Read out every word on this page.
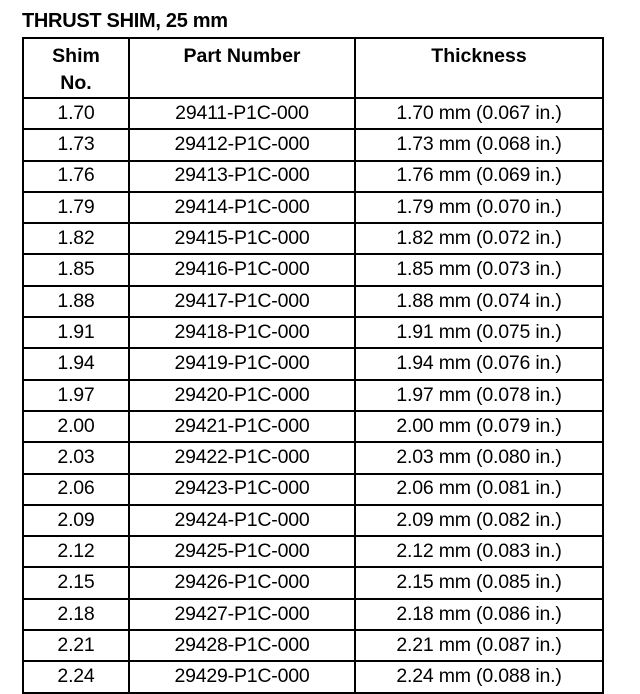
THRUST SHIM, 25 mm
Shim
No.	Part Number	Thickness
1.70	29411-P1C-000	1.70 mm (0.067 in.)
1.73	29412-P1C-000	1.73 mm (0.068 in.)
1.76	29413-P1C-000	1.76 mm (0.069 in.)
1.79	29414-P1C-000	1.79 mm (0.070 in.)
1.82	29415-P1C-000	1.82 mm (0.072 in.)
1.85	29416-P1C-000	1.85 mm (0.073 in.)
1.88	29417-P1C-000	1.88 mm (0.074 in.)
1.91	29418-P1C-000	1.91 mm (0.075 in.)
1.94	29419-P1C-000	1.94 mm (0.076 in.)
1.97	29420-P1C-000	1.97 mm (0.078 in.)
2.00	29421-P1C-000	2.00 mm (0.079 in.)
2.03	29422-P1C-000	2.03 mm (0.080 in.)
2.06	29423-P1C-000	2.06 mm (0.081 in.)
2.09	29424-P1C-000	2.09 mm (0.082 in.)
2.12	29425-P1C-000	2.12 mm (0.083 in.)
2.15	29426-P1C-000	2.15 mm (0.085 in.)
2.18	29427-P1C-000	2.18 mm (0.086 in.)
2.21	29428-P1C-000	2.21 mm (0.087 in.)
2.24	29429-P1C-000	2.24 mm (0.088 in.)
